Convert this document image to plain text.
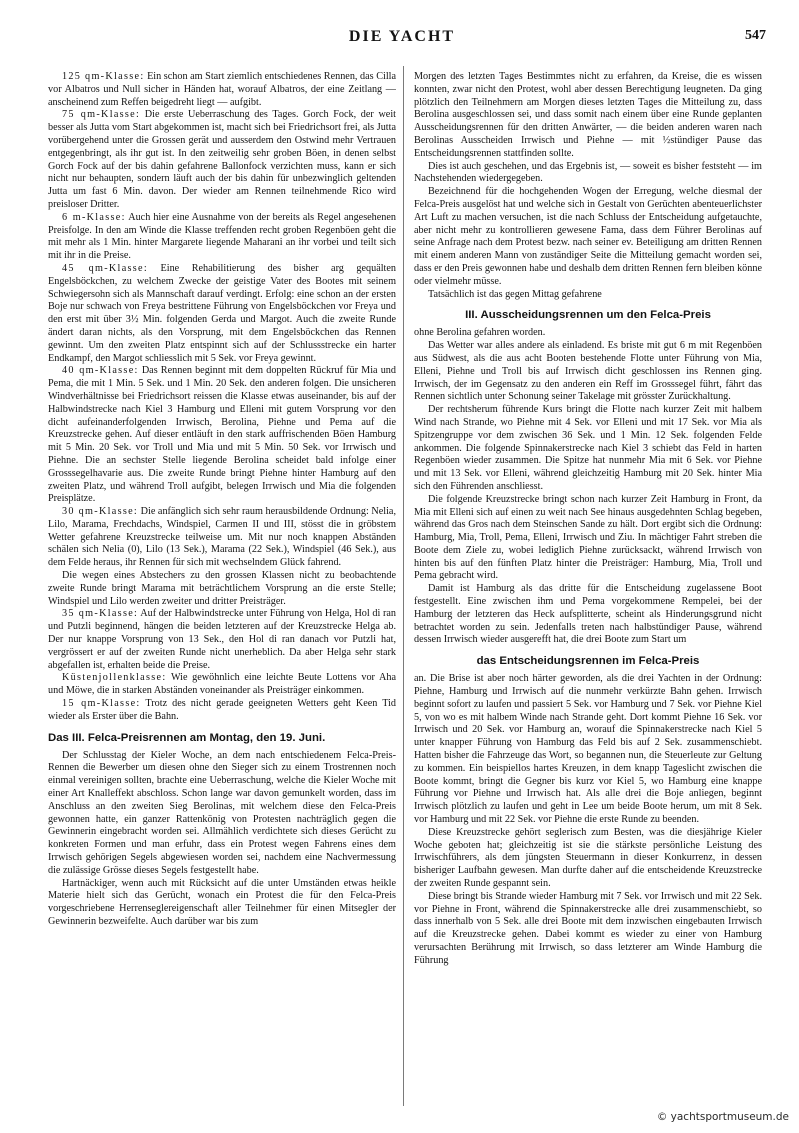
DIE YACHT	547

125 qm-Klasse: Ein schon am Start ziemlich entschiedenes Rennen, das Cilla vor Albatros und Null sicher in Händen hat, worauf Albatros, der eine Zeitlang — anscheinend zum Reffen beigedreht liegt — aufgibt.

75 qm-Klasse: Die erste Ueberraschung des Tages. Gorch Fock, der weit besser als Jutta vom Start abgekommen ist, macht sich bei Friedrichsort frei, als Jutta vorübergehend unter die Grossen gerät und ausserdem den Ostwind mehr Vertrauen entgegenbringt, als ihr gut ist. In den zeitweilig sehr groben Böen, in denen selbst Gorch Fock auf der bis dahin gefahrene Ballonfock verzichten muss, kann er sich nicht nur behaupten, sondern läuft auch der bis dahin für unbezwinglich geltenden Jutta um fast 6 Min. davon. Der wieder am Rennen teilnehmende Rico wird preisloser Dritter.

6 m-Klasse: Auch hier eine Ausnahme von der bereits als Regel angesehenen Preisfolge. In den am Winde die Klasse treffenden recht groben Regenböen geht die mit mehr als 1 Min. hinter Margarete liegende Maharani an ihr vorbei und teilt sich mit ihr in die Preise.

45 qm-Klasse: Eine Rehabilitierung des bisher arg gequälten Engelsböckchen, zu welchem Zwecke der geistige Vater des Bootes mit seinem Schwiegersohn sich als Mannschaft darauf verdingt. Erfolg: eine schon an der ersten Boje nur schwach von Freya bestrittene Führung von Engelsböckchen vor Freya und den erst mit über 3½ Min. folgenden Gerda und Margot. Auch die zweite Runde ändert daran nichts, als den Vorsprung, mit dem Engelsböckchen das Rennen gewinnt. Um den zweiten Platz entspinnt sich auf der Schlussstrecke ein harter Endkampf, den Margot schliesslich mit 5 Sek. vor Freya gewinnt.

40 qm-Klasse: Das Rennen beginnt mit dem doppelten Rückruf für Mia und Pema, die mit 1 Min. 5 Sek. und 1 Min. 20 Sek. den anderen folgen. Die unsicheren Windverhältnisse bei Friedrichsort reissen die Klasse etwas auseinander, bis auf der Halbwindstrecke nach Kiel 3 Hamburg und Elleni mit gutem Vorsprung vor den dicht aufeinanderfolgenden Irrwisch, Berolina, Piehne und Pema auf die Kreuzstrecke gehen. Auf dieser entläuft in den stark auffrischenden Böen Hamburg mit 5 Min. 20 Sek. vor Troll und Mia und mit 5 Min. 50 Sek. vor Irrwisch und Piehne. Die an sechster Stelle liegende Berolina scheidet bald infolge einer Grosssegelhavarie aus. Die zweite Runde bringt Piehne hinter Hamburg auf den zweiten Platz, und während Troll aufgibt, belegen Irrwisch und Mia die folgenden Preisplätze.

30 qm-Klasse: Die anfänglich sich sehr raum herausbildende Ordnung: Nelia, Lilo, Marama, Frechdachs, Windspiel, Carmen II und III, stösst die in gröbstem Wetter gefahrene Kreuzstrecke teilweise um. Mit nur noch knappen Abständen schälen sich Nelia (0), Lilo (13 Sek.), Marama (22 Sek.), Windspiel (46 Sek.), aus dem Felde heraus, ihr Rennen für sich mit wechselndem Glück fahrend.

Die wegen eines Abstechers zu den grossen Klassen nicht zu beobachtende zweite Runde bringt Marama mit beträchtlichem Vorsprung an die erste Stelle; Windspiel und Lilo werden zweiter und dritter Preisträger.

35 qm-Klasse: Auf der Halbwindstrecke unter Führung von Helga, Hol di ran und Putzli beginnend, hängen die beiden letzteren auf der Kreuzstrecke Helga ab. Der nur knappe Vorsprung von 13 Sek., den Hol di ran danach vor Putzli hat, vergrössert er auf der zweiten Runde nicht unerheblich. Da aber Helga sehr stark abgefallen ist, erhalten beide die Preise.

Küstenjollenklasse: Wie gewöhnlich eine leichte Beute Lottens vor Aha und Möwe, die in starken Abständen voneinander als Preisträger einkommen.

15 qm-Klasse: Trotz des nicht gerade geeigneten Wetters geht Keen Tid wieder als Erster über die Bahn.

Das III. Felca-Preisrennen am Montag, den 19. Juni.

Der Schlusstag der Kieler Woche, an dem nach entschiedenem Felca-Preis-Rennen die Bewerber um diesen ohne den Sieger sich zu einem Trostrennen noch einmal vereinigen sollten, brachte eine Ueberraschung, welche die Kieler Woche mit einer Art Knalleffekt abschloss. Schon lange war davon gemunkelt worden, dass im Anschluss an den zweiten Sieg Berolinas, mit welchem diese den Felca-Preis gewonnen hatte, ein ganzer Rattenkönig von Protesten nachträglich gegen die Gewinnerin eingebracht worden sei. Allmählich verdichtete sich dieses Gerücht zu konkreten Formen und man erfuhr, dass ein Protest wegen Fahrens eines dem Irrwisch gehörigen Segels abgewiesen worden sei, nachdem eine Nachvermessung die zulässige Grösse dieses Segels festgestellt habe.

Hartnäckiger, wenn auch mit Rücksicht auf die unter Umständen etwas heikle Materie hielt sich das Gerücht, wonach ein Protest die für den Felca-Preis vorgeschriebene Herrenseglereigenschaft aller Teilnehmer für einen Mitsegler der Gewinnerin bezweifelte. Auch darüber war bis zum

Morgen des letzten Tages Bestimmtes nicht zu erfahren, da Kreise, die es wissen konnten, zwar nicht den Protest, wohl aber dessen Berechtigung leugneten. Da ging plötzlich den Teilnehmern am Morgen dieses letzten Tages die Mitteilung zu, dass Berolina ausgeschlossen sei, und dass somit nach einem über eine Runde geplanten Ausscheidungsrennen für den dritten Anwärter, — die beiden anderen waren nach Berolinas Ausscheiden Irrwisch und Piehne — mit ½stündiger Pause das Entscheidungsrennen stattfinden sollte.

Dies ist auch geschehen, und das Ergebnis ist, — soweit es bisher feststeht — im Nachstehenden wiedergegeben.

Bezeichnend für die hochgehenden Wogen der Erregung, welche diesmal der Felca-Preis ausgelöst hat und welche sich in Gestalt von Gerüchten abenteuerlichster Art Luft zu machen versuchen, ist die nach Schluss der Entscheidung aufgetauchte, aber nicht mehr zu kontrollieren gewesene Fama, dass dem Führer Berolinas auf seine Anfrage nach dem Protest bezw. nach seiner ev. Beteiligung am dritten Rennen mit einem anderen Mann von zuständiger Seite die Mitteilung gemacht worden sei, dass er den Preis gewonnen habe und deshalb dem dritten Rennen fern bleiben könne oder vielmehr müsse.

Tatsächlich ist das gegen Mittag gefahrene

III. Ausscheidungsrennen um den Felca-Preis

ohne Berolina gefahren worden.

Das Wetter war alles andere als einladend. Es briste mit gut 6 m mit Regenböen aus Südwest, als die aus acht Booten bestehende Flotte unter Führung von Mia, Elleni, Piehne und Troll bis auf Irrwisch dicht geschlossen ins Rennen ging. Irrwisch, der im Gegensatz zu den anderen ein Reff im Grosssegel führt, fährt das Rennen sichtlich unter Schonung seiner Takelage mit grösster Zurückhaltung.

Der rechtsherum führende Kurs bringt die Flotte nach kurzer Zeit mit halbem Wind nach Strande, wo Piehne mit 4 Sek. vor Elleni und mit 17 Sek. vor Mia als Spitzengruppe vor dem zwischen 36 Sek. und 1 Min. 12 Sek. folgenden Felde ankommen. Die folgende Spinnakerstrecke nach Kiel 3 schiebt das Feld in harten Regenböen wieder zusammen. Die Spitze hat nunmehr Mia mit 6 Sek. vor Piehne und mit 13 Sek. vor Elleni, während gleichzeitig Hamburg mit 20 Sek. hinter Mia sich den Führenden anschliesst.

Die folgende Kreuzstrecke bringt schon nach kurzer Zeit Hamburg in Front, da Mia mit Elleni sich auf einen zu weit nach See hinaus ausgedehnten Schlag begeben, während das Gros nach dem Steinschen Sande zu hält. Dort ergibt sich die Ordnung: Hamburg, Mia, Troll, Pema, Elleni, Irrwisch und Ziu. In mächtiger Fahrt streben die Boote dem Ziele zu, wobei lediglich Piehne zurücksackt, während Irrwisch von hinten bis auf den fünften Platz hinter die Preisträger: Hamburg, Mia, Troll und Pema gebracht wird.

Damit ist Hamburg als das dritte für die Entscheidung zugelassene Boot festgestellt. Eine zwischen ihm und Pema vorgekommene Rempelei, bei der Hamburg der letzteren das Heck aufsplitterte, scheint als Hinderungsgrund nicht betrachtet worden zu sein. Jedenfalls treten nach halbstündiger Pause, während dessen Irrwisch wieder ausgerefft hat, die drei Boote zum Start um

das Entscheidungsrennen im Felca-Preis

an. Die Brise ist aber noch härter geworden, als die drei Yachten in der Ordnung: Piehne, Hamburg und Irrwisch auf die nunmehr verkürzte Bahn gehen. Irrwisch beginnt sofort zu laufen und passiert 5 Sek. vor Hamburg und 7 Sek. vor Piehne Kiel 5, von wo es mit halbem Winde nach Strande geht. Dort kommt Piehne 16 Sek. vor Irrwisch und 20 Sek. vor Hamburg an, worauf die Spinnakerstrecke nach Kiel 5 unter knapper Führung von Hamburg das Feld bis auf 2 Sek. zusammenschiebt. Hatten bisher die Fahrzeuge das Wort, so begannen nun, die Steuerleute zur Geltung zu kommen. Ein beispiellos hartes Kreuzen, in dem knapp Tageslicht zwischen die Boote kommt, bringt die Gegner bis kurz vor Kiel 5, wo Hamburg eine knappe Führung vor Piehne und Irrwisch hat. Als alle drei die Boje anliegen, beginnt Irrwisch plötzlich zu laufen und geht in Lee um beide Boote herum, um mit 8 Sek. vor Hamburg und mit 22 Sek. vor Piehne die erste Runde zu beenden.

Diese Kreuzstrecke gehört seglerisch zum Besten, was die diesjährige Kieler Woche geboten hat; gleichzeitig ist sie die stärkste persönliche Leistung des Irrwischführers, als dem jüngsten Steuermann in dieser Konkurrenz, in dessen bisheriger Laufbahn gewesen. Man durfte daher auf die entscheidende Kreuzstrecke der zweiten Runde gespannt sein.

Diese bringt bis Strande wieder Hamburg mit 7 Sek. vor Irrwisch und mit 22 Sek. vor Piehne in Front, während die Spinnakerstrecke alle drei zusammenschiebt, so dass innerhalb von 5 Sek. alle drei Boote mit dem inzwischen eingebauten Irrwisch auf die Kreuzstrecke gehen. Dabei kommt es wieder zu einer von Hamburg verursachten Berührung mit Irrwisch, so dass letzterer am Winde Hamburg die Führung

© yachtsportmuseum.de
